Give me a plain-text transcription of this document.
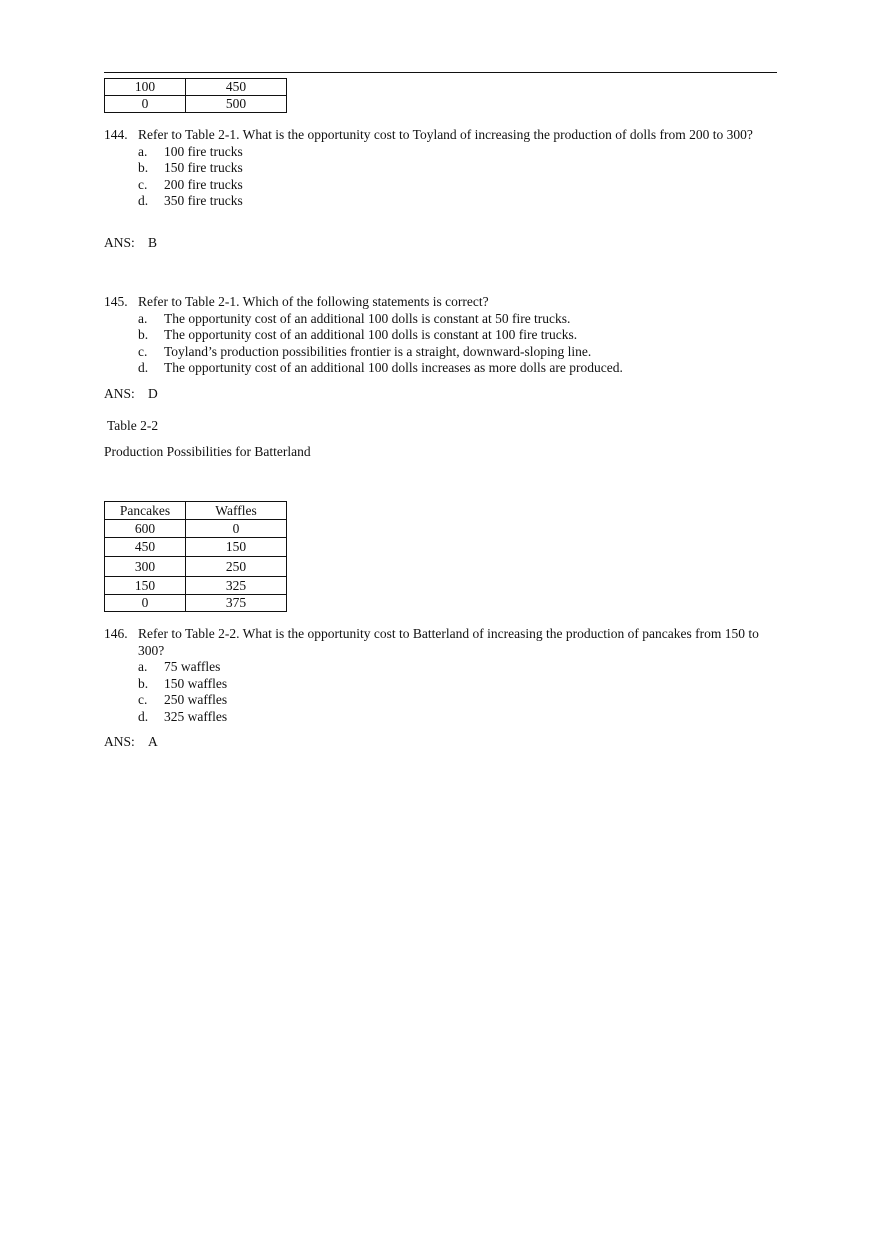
100	450
0	500
144. Refer to Table 2-1. What is the opportunity cost to Toyland of increasing the production of dolls from 200 to 300?
a.	100 fire trucks
b.	150 fire trucks
c.	200 fire trucks
d.	350 fire trucks
ANS: B
145. Refer to Table 2-1. Which of the following statements is correct?
a.	The opportunity cost of an additional 100 dolls is constant at 50 fire trucks.
b.	The opportunity cost of an additional 100 dolls is constant at 100 fire trucks.
c.	Toyland’s production possibilities frontier is a straight, downward-sloping line.
d.	The opportunity cost of an additional 100 dolls increases as more dolls are produced.
ANS: D
Table 2-2
Production Possibilities for Batterland
Pancakes	Waffles
600	0
450	150
300	250
150	325
0	375
146. Refer to Table 2-2. What is the opportunity cost to Batterland of increasing the production of pancakes from 150 to 300?
a.	75 waffles
b.	150 waffles
c.	250 waffles
d.	325 waffles
ANS: A
